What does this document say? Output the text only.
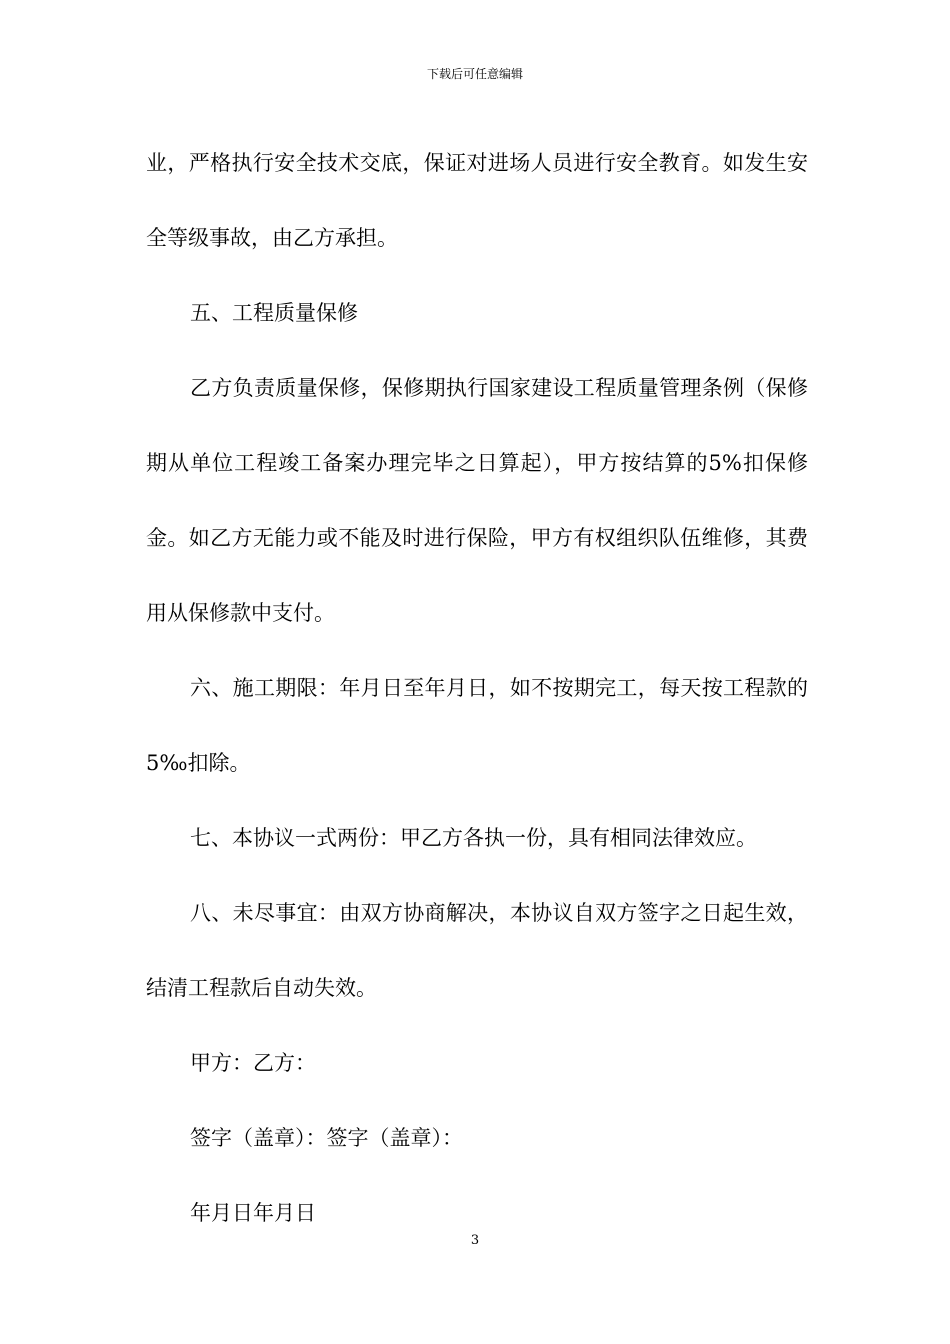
下载后可任意编辑

业，严格执行安全技术交底，保证对进场人员进行安全教育。如发生安全等级事故，由乙方承担。

五、工程质量保修

乙方负责质量保修，保修期执行国家建设工程质量管理条例（保修期从单位工程竣工备案办理完毕之日算起），甲方按结算的5%扣保修金。如乙方无能力或不能及时进行保险，甲方有权组织队伍维修，其费用从保修款中支付。

六、施工期限：年月日至年月日，如不按期完工，每天按工程款的5‰扣除。

七、本协议一式两份：甲乙方各执一份，具有相同法律效应。

八、未尽事宜：由双方协商解决，本协议自双方签字之日起生效，结清工程款后自动失效。

甲方：乙方：

签字（盖章）：签字（盖章）：

年月日年月日

3
